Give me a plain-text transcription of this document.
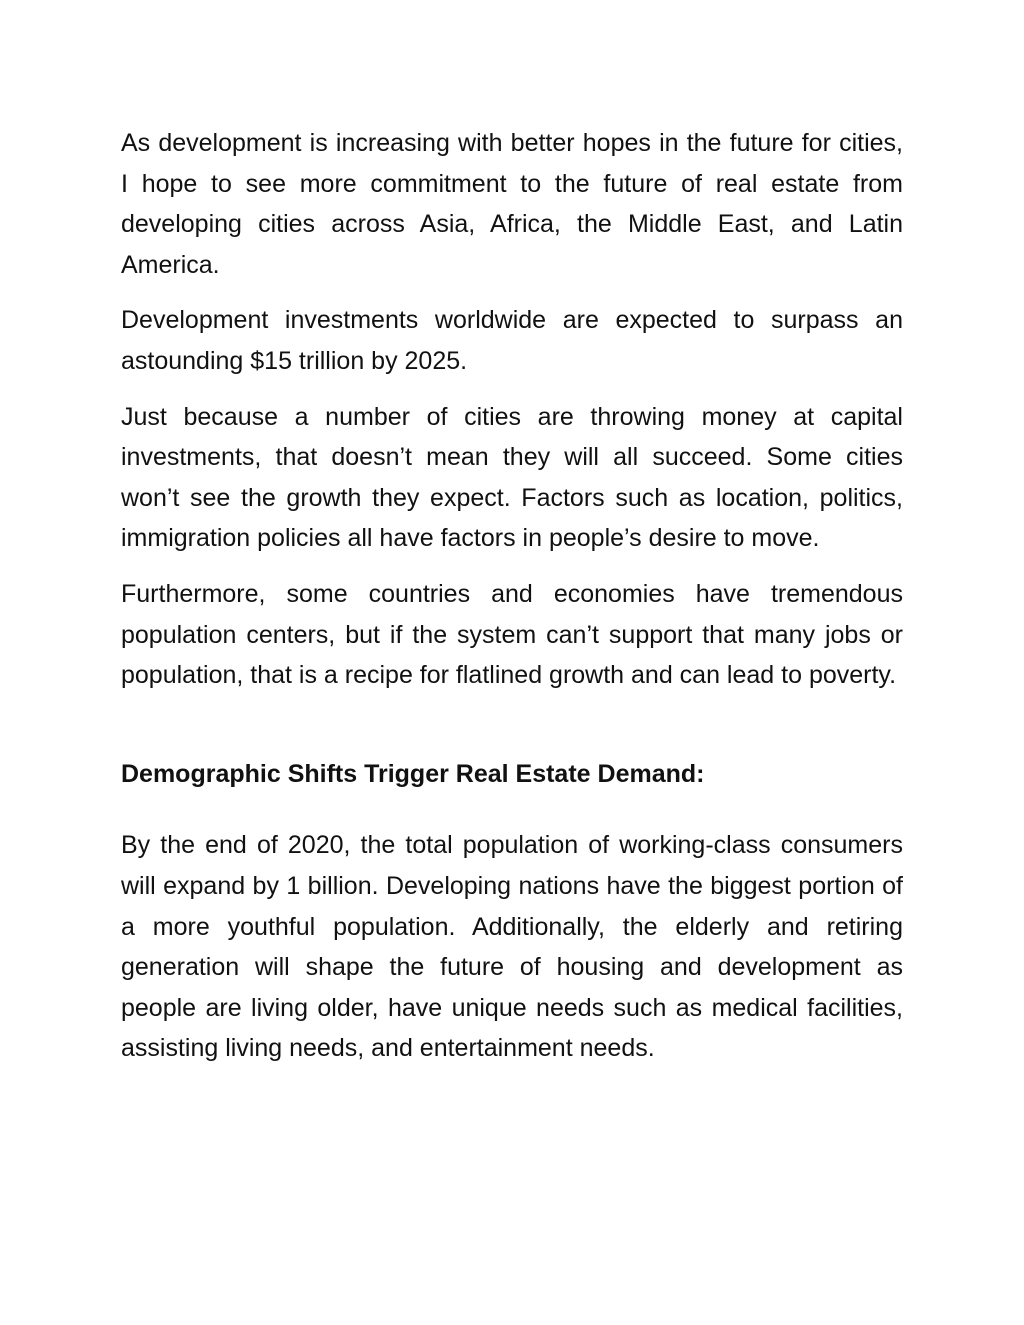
As development is increasing with better hopes in the future for cities, I hope to see more commitment to the future of real estate from developing cities across Asia, Africa, the Middle East, and Latin America.

Development investments worldwide are expected to surpass an astounding $15 trillion by 2025.

Just because a number of cities are throwing money at capital investments, that doesn’t mean they will all succeed. Some cities won’t see the growth they expect. Factors such as location, politics, immigration policies all have factors in people’s desire to move.

Furthermore, some countries and economies have tremendous population centers, but if the system can’t support that many jobs or population, that is a recipe for flatlined growth and can lead to poverty.

Demographic Shifts Trigger Real Estate Demand:

By the end of 2020, the total population of working-class consumers will expand by 1 billion. Developing nations have the biggest portion of a more youthful population. Additionally, the elderly and retiring generation will shape the future of housing and development as people are living older, have unique needs such as medical facilities, assisting living needs, and entertainment needs.
